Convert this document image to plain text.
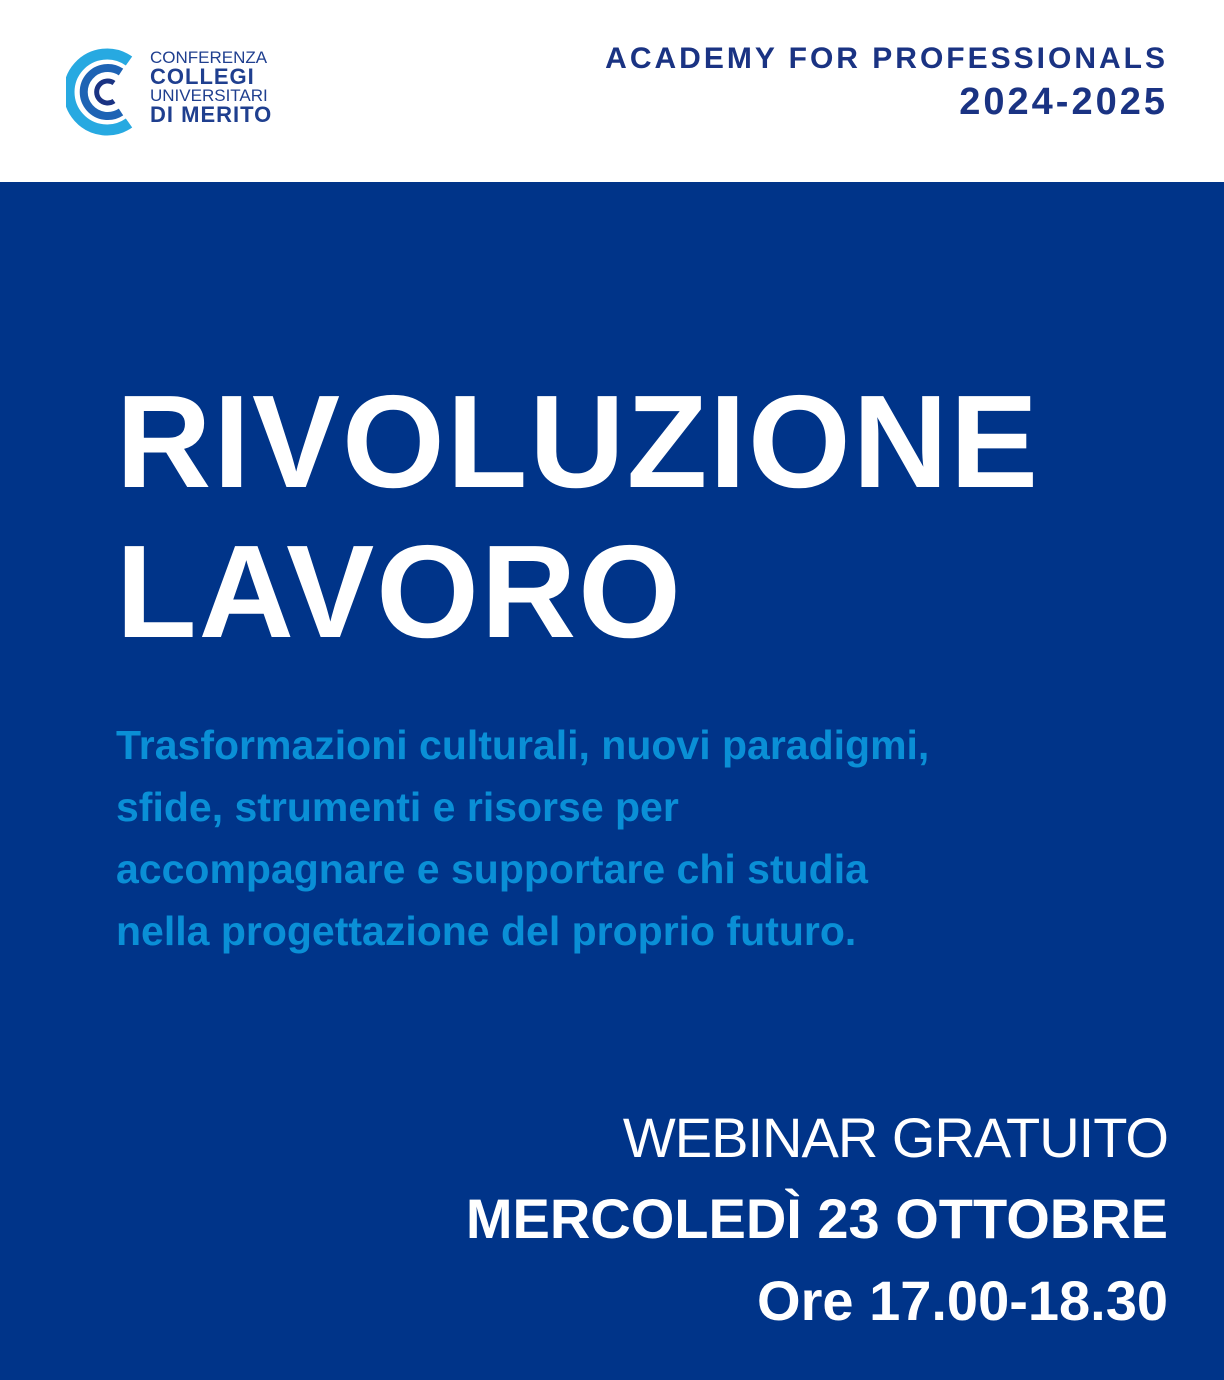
CONFERENZA
COLLEGI
UNIVERSITARI
DI MERITO
ACADEMY FOR PROFESSIONALS
2024-2025
RIVOLUZIONE
LAVORO

Trasformazioni culturali, nuovi paradigmi,
sfide, strumenti e risorse per
accompagnare e supportare chi studia
nella progettazione del proprio futuro.

WEBINAR GRATUITO
MERCOLEDÌ 23 OTTOBRE
Ore 17.00-18.30
